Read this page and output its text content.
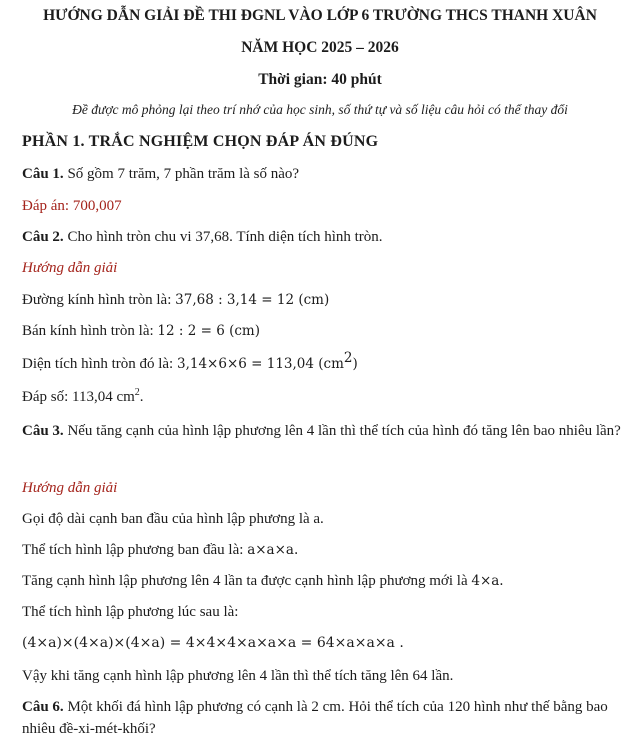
HƯỚNG DẪN GIẢI ĐỀ THI ĐGNL VÀO LỚP 6 TRƯỜNG THCS THANH XUÂN
NĂM HỌC 2025 – 2026
Thời gian: 40 phút
Đề được mô phỏng lại theo trí nhớ của học sinh, số thứ tự và số liệu câu hỏi có thể thay đổi
PHẦN 1. TRẮC NGHIỆM CHỌN ĐÁP ÁN ĐÚNG
Câu 1. Số gồm 7 trăm, 7 phần trăm là số nào?
Đáp án: 700,007
Câu 2. Cho hình tròn chu vi 37,68. Tính diện tích hình tròn.
Hướng dẫn giải
Đường kính hình tròn là: 37,68 : 3,14 = 12 (cm)
Bán kính hình tròn là: 12 : 2 = 6 (cm)
Diện tích hình tròn đó là: 3,14×6×6 = 113,04 $(cm^2)$
Đáp số: 113,04 $cm^2$.
Câu 3. Nếu tăng cạnh của hình lập phương lên 4 lần thì thể tích của hình đó tăng lên bao nhiêu lần?
Hướng dẫn giải
Gọi độ dài cạnh ban đầu của hình lập phương là a.
Thể tích hình lập phương ban đầu là: a×a×a.
Tăng cạnh hình lập phương lên 4 lần ta được cạnh hình lập phương mới là 4×a.
Thể tích hình lập phương lúc sau là:
(4×a)×(4×a)×(4×a) = 4×4×4×a×a×a = 64×a×a×a .
Vậy khi tăng cạnh hình lập phương lên 4 lần thì thể tích tăng lên 64 lần.
Câu 6. Một khối đá hình lập phương có cạnh là 2 cm. Hỏi thể tích của 120 hình như thế bằng bao nhiêu đề-xi-mét-khối?
